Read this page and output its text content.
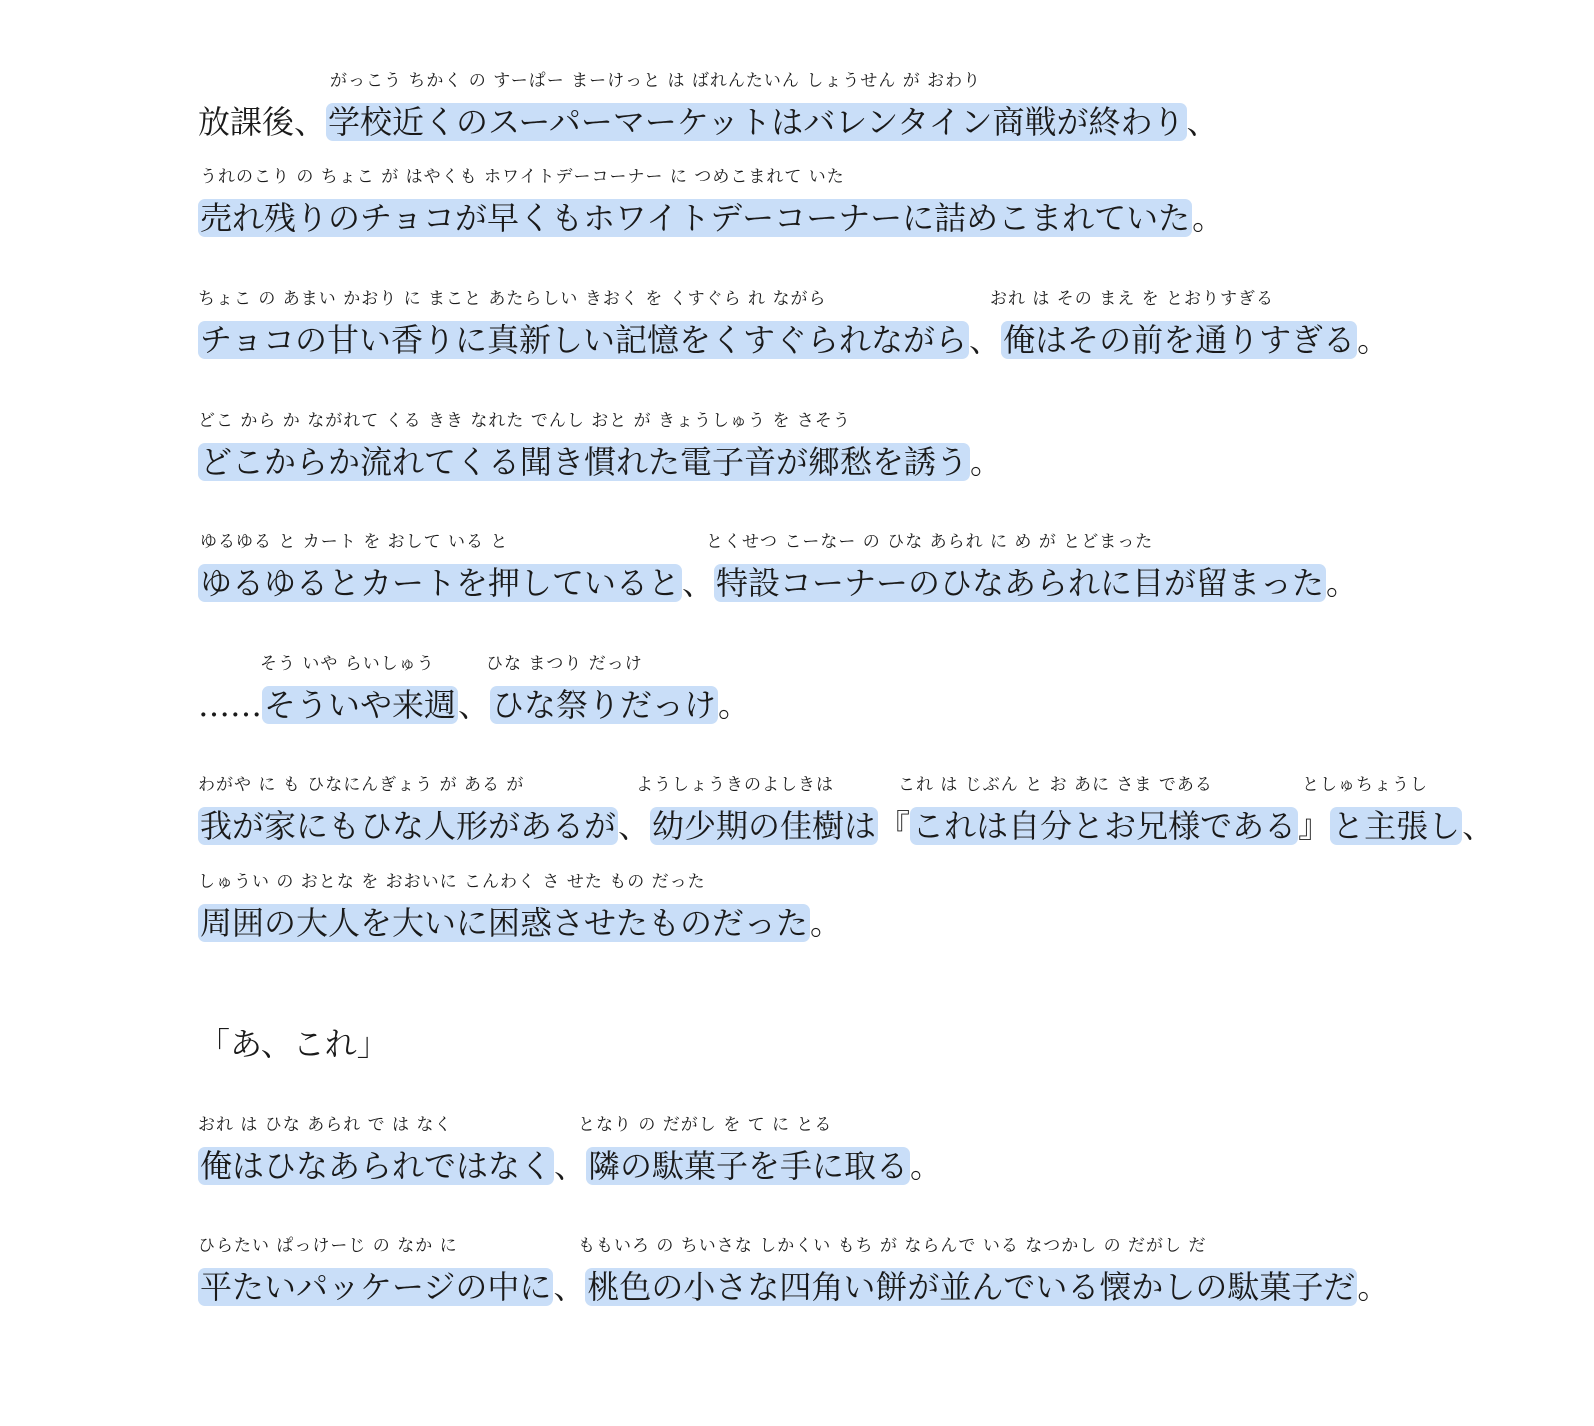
がっこう ちかく の すーぱー まーけっと は ばれんたいん しょうせん が おわり
放課後、学校近くのスーパーマーケットはバレンタイン商戦が終わり、
うれのこり の ちょこ が はやくも ホワイトデーコーナー に つめこまれて いた
売れ残りのチョコが早くもホワイトデーコーナーに詰めこまれていた。
ちょこ の あまい かおり に まこと あたらしい きおく を くすぐら れ ながら	おれ は その まえ を とおりすぎる
チョコの甘い香りに真新しい記憶をくすぐられながら、俺はその前を通りすぎる。
どこ から か ながれて くる きき なれた でんし おと が きょうしゅう を さそう
どこからか流れてくる聞き慣れた電子音が郷愁を誘う。
ゆるゆる と カート を おして いる と	とくせつ こーなー の ひな あられ に め が とどまった
ゆるゆるとカートを押していると、特設コーナーのひなあられに目が留まった。
そう いや らいしゅう	ひな まつり だっけ
……そういや来週、ひな祭りだっけ。
わがや に も ひなにんぎょう が ある が	ようしょうきのよしきは	これ は じぶん と お あに さま である	としゅちょうし
我が家にもひな人形があるが、幼少期の佳樹は『これは自分とお兄様である』と主張し、
しゅうい の おとな を おおいに こんわく さ せた もの だった
周囲の大人を大いに困惑させたものだった。
「あ、これ」
おれ は ひな あられ で は なく	となり の だがし を て に とる
俺はひなあられではなく、隣の駄菓子を手に取る。
ひらたい ぱっけーじ の なか に	ももいろ の ちいさな しかくい もち が ならんで いる なつかし の だがし だ
平たいパッケージの中に、桃色の小さな四角い餅が並んでいる懐かしの駄菓子だ。
